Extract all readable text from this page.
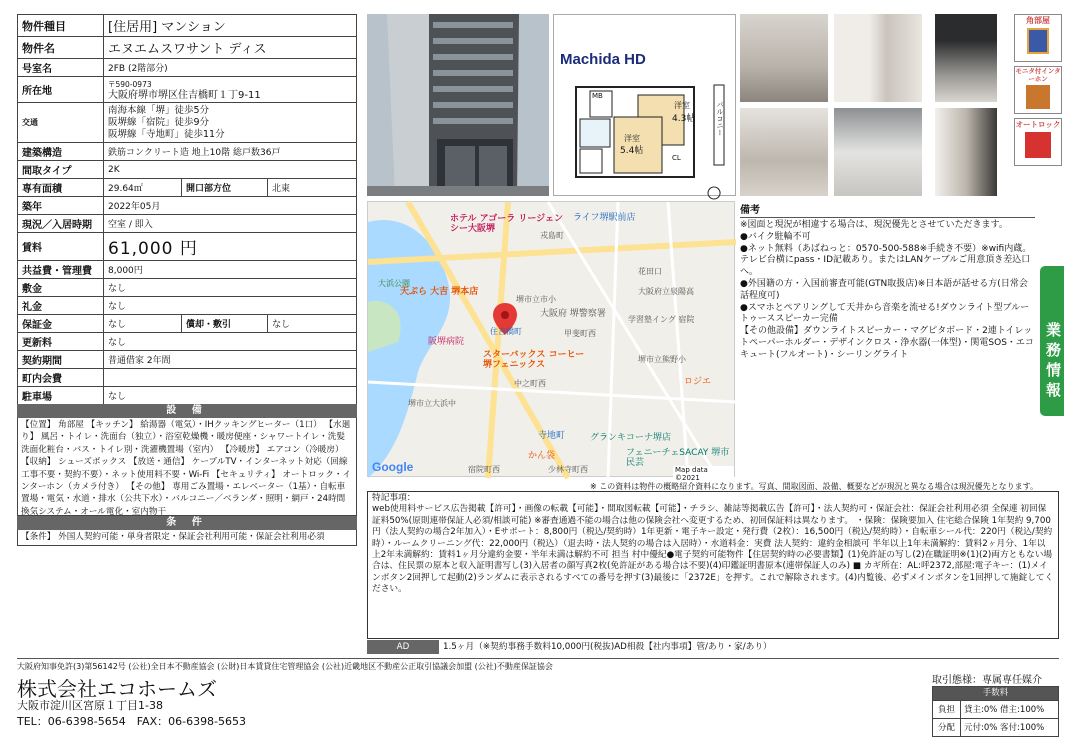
物件種目	[住居用] マンション		
物件名	エヌエムスワサント ディス		
号室名	2FB (2階部分)		
所在地	〒590-0973
大阪府堺市堺区住吉橋町１丁9-11		

交通	南海本線「堺」徒歩5分
阪堺線「宿院」徒歩9分
阪堺線「寺地町」徒歩11分		

建築構造	鉄筋コンクリート造 地上10階 総戸数36戸		
間取タイプ	2K		
専有面積	29.64㎡	開口部方位	北東
築年	2022年05月		
現況／入居時期	空室 / 即入		
賃料	61,000 円		
共益費・管理費	8,000円		
敷金	なし		
礼金	なし		
保証金	なし	償却・敷引	なし
更新料	なし		
契約期間	普通借家 2年間		
町内会費			
駐車場	なし		
設 備
【位置】 角部屋 【キッチン】 給湯器（電気）・IHクッキングヒーター（1口） 【水廻り】 風呂・トイレ・洗面台（独立）・浴室乾燥機・暖房便座・シャワートイレ・洗髪洗面化粧台・バス・トイレ別・洗濯機置場（室内） 【冷暖房】 エアコン（冷暖房） 【収納】 シューズボックス 【放送・通信】 ケーブルTV・インターネット対応（回線工事不要・契約不要）・ネット使用料不要・Wi-Fi 【セキュリティ】 オートロック・インターホン（カメラ付き） 【その他】 専用ごみ置場・エレベーター（1基）・自転車置場・電気・水道・排水（公共下水）・バルコニー／ベランダ・照明・網戸・24時間換気システム・オール電化・室内物干
条 件
【条件】 外国人契約可能・単身者限定・保証会社利用可能・保証会社利用必須
Machida HD
MB
洋室
4.3帖
洋室
5.4帖
CL
バルコニー
角部屋
モニタ付インターホン
オートロック
ホテル アゴーラ リージェンシー大阪堺
ライフ堺駅前店
天ぷら 大吉 堺本店
大浜公園
堺市立市小
大阪府 堺警察署
学習塾イング 宿院
阪堺病院
住吉橋町
スターバックス コーヒー 堺フェニックス
堺市立熊野小
ロジエ
堺市立大浜中
寺地町	グランキコーナ堺店
フェニーチェSACAY 堺市民芸
かん袋
大阪府立泉陽高
花田口
甲斐町西
中之町西
少林寺町西
宿院町西
戎島町
Google	Map data ©2021
備考
※図面と現況が相違する場合は、現況優先とさせていただきます。
●バイク駐輪不可
●ネット無料（あばねっと：0570-500-588※手続き不要）※wifi内蔵。テレビ台横にpass・ID記載あり。またはLANケーブルご用意頂き差込口へ。
●外国籍の方・入国前審査可能(GTN取扱店)※日本語が話せる方(日常会話程度可)
●スマホとペアリングして天井から音楽を流せる!ダウンライト型ブルートゥーススピーカー完備
【その他設備】ダウンライトスピーカー・マグピタボード・2連トイレットペーパーホルダー・デザインクロス・浄水器(一体型)・関電SOS・エコキュート(フルオート)・シーリングライト	業務情報
※ この資料は物件の概略紹介資料になります。写真、間取図面、設備、概要などが現況と異なる場合は現況優先となります。
特記事項：
web使用料サービス広告掲載【許可】・画像の転載【可能】・間取図転載【可能】・チラシ、雑誌等掲載広告【許可】・法人契約可・保証会社：保証会社利用必須 全保連 初回保証料50%(原則連帯保証人必須/相談可能) ※審査通過不能の場合は他の保険会社へ変更するため、初回保証料は異なります。 ・保険：保険要加入 住宅総合保険 1年契約 9,700円（法人契約の場合2年加入）・Eサポート：8,800円（税込/契約時）1年更新・電子キー設定・発行費（2枚）：16,500円（税込/契約時）・自転車シール代：220円（税込/契約時）・ルームクリーニング代：22,000円（税込）（退去時・法人契約の場合は入居時）・水道料金：実費 法人契約：違約金相談可 半年以上1年未満解約：賃料2ヶ月分、1年以上2年未満解約：賃料1ヶ月分違約金要・半年未満は解約不可 担当 村中優紀●電子契約可能物件【住居契約時の必要書類】(1)免許証の写し(2)在職証明※(1)(2)両方ともない場合は、住民票の原本と収入証明書写し(3)入居者の顔写真2枚(免許証がある場合は不要)(4)印鑑証明書原本(連帯保証人のみ) ■ カギ所在：AL:呼2372,部屋:電子キー：(1)メインボタン2回押して起動(2)ランダムに表示されるすべての番号を押す(3)最後に「2372E」を押す。これで解除されます。(4)内覧後、必ずメインボタンを1回押して施錠してください。
AD	1.5ヶ月（※契約事務手数料10,000円(税抜)AD相殺【社内事項】管/あり・家/あり）
大阪府知事免許(3)第56142号 (公社)全日本不動産協会 (公財)日本賃貸住宅管理協会 (公社)近畿地区不動産公正取引協議会加盟 (公社)不動産保証協会
株式会社エコホームズ
大阪市淀川区宮原１丁目1-38
TEL：06-6398-5654　FAX：06-6398-5653
取引態様：専属専任媒介
手数料
負担	貸主:0% 借主:100%
分配	元付:0% 客付:100%
